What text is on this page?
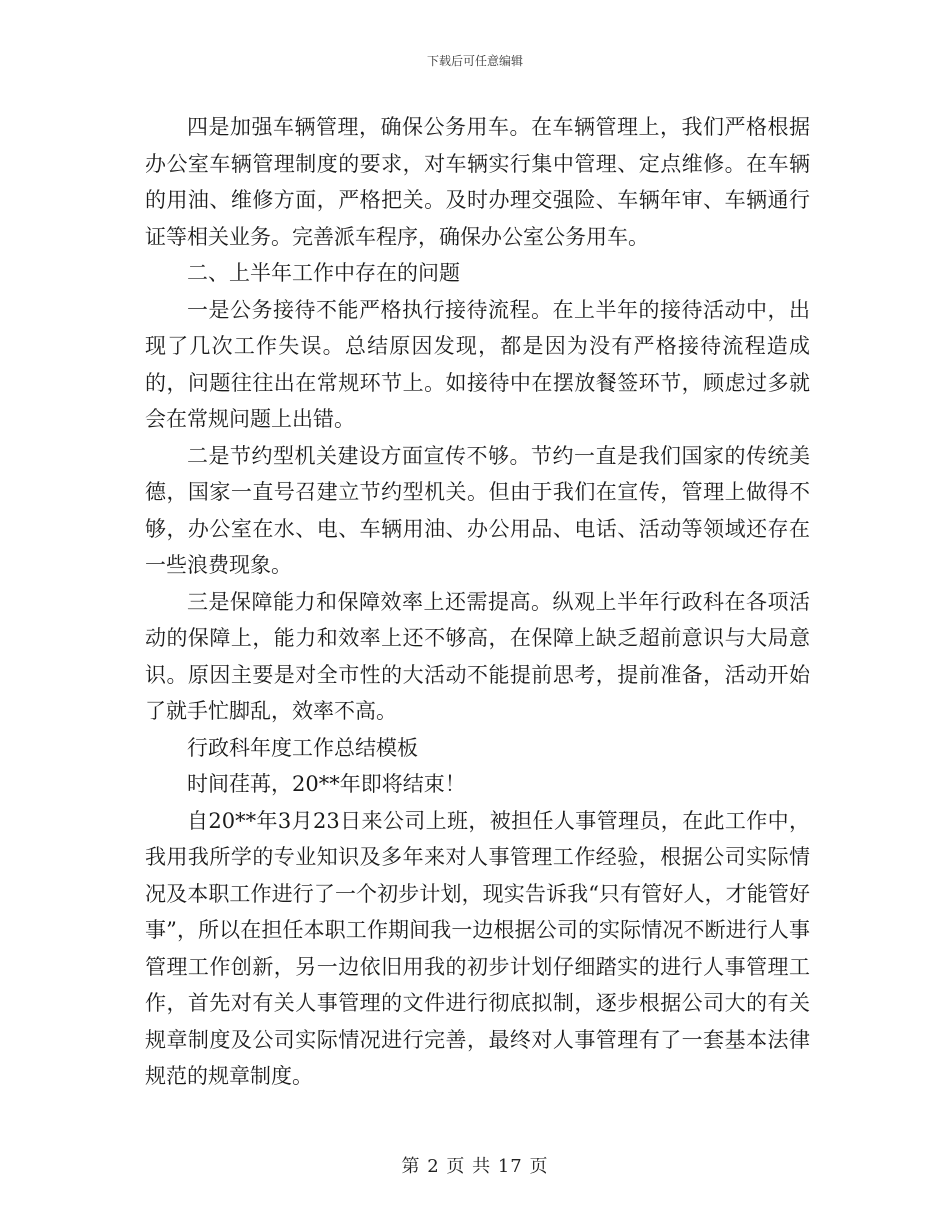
下载后可任意编辑

四是加强车辆管理，确保公务用车。在车辆管理上，我们严格根据办公室车辆管理制度的要求，对车辆实行集中管理、定点维修。在车辆的用油、维修方面，严格把关。及时办理交强险、车辆年审、车辆通行证等相关业务。完善派车程序，确保办公室公务用车。

二、上半年工作中存在的问题

一是公务接待不能严格执行接待流程。在上半年的接待活动中，出现了几次工作失误。总结原因发现，都是因为没有严格接待流程造成的，问题往往出在常规环节上。如接待中在摆放餐签环节，顾虑过多就会在常规问题上出错。

二是节约型机关建设方面宣传不够。节约一直是我们国家的传统美德，国家一直号召建立节约型机关。但由于我们在宣传，管理上做得不够，办公室在水、电、车辆用油、办公用品、电话、活动等领域还存在一些浪费现象。

三是保障能力和保障效率上还需提高。纵观上半年行政科在各项活动的保障上，能力和效率上还不够高，在保障上缺乏超前意识与大局意识。原因主要是对全市性的大活动不能提前思考，提前准备，活动开始了就手忙脚乱，效率不高。

行政科年度工作总结模板

时间荏苒，20**年即将结束！

自20**年3月23日来公司上班，被担任人事管理员，在此工作中，我用我所学的专业知识及多年来对人事管理工作经验，根据公司实际情况及本职工作进行了一个初步计划，现实告诉我“只有管好人，才能管好事”，所以在担任本职工作期间我一边根据公司的实际情况不断进行人事管理工作创新，另一边依旧用我的初步计划仔细踏实的进行人事管理工作，首先对有关人事管理的文件进行彻底拟制，逐步根据公司大的有关规章制度及公司实际情况进行完善，最终对人事管理有了一套基本法律规范的规章制度。

第 2 页 共 17 页
